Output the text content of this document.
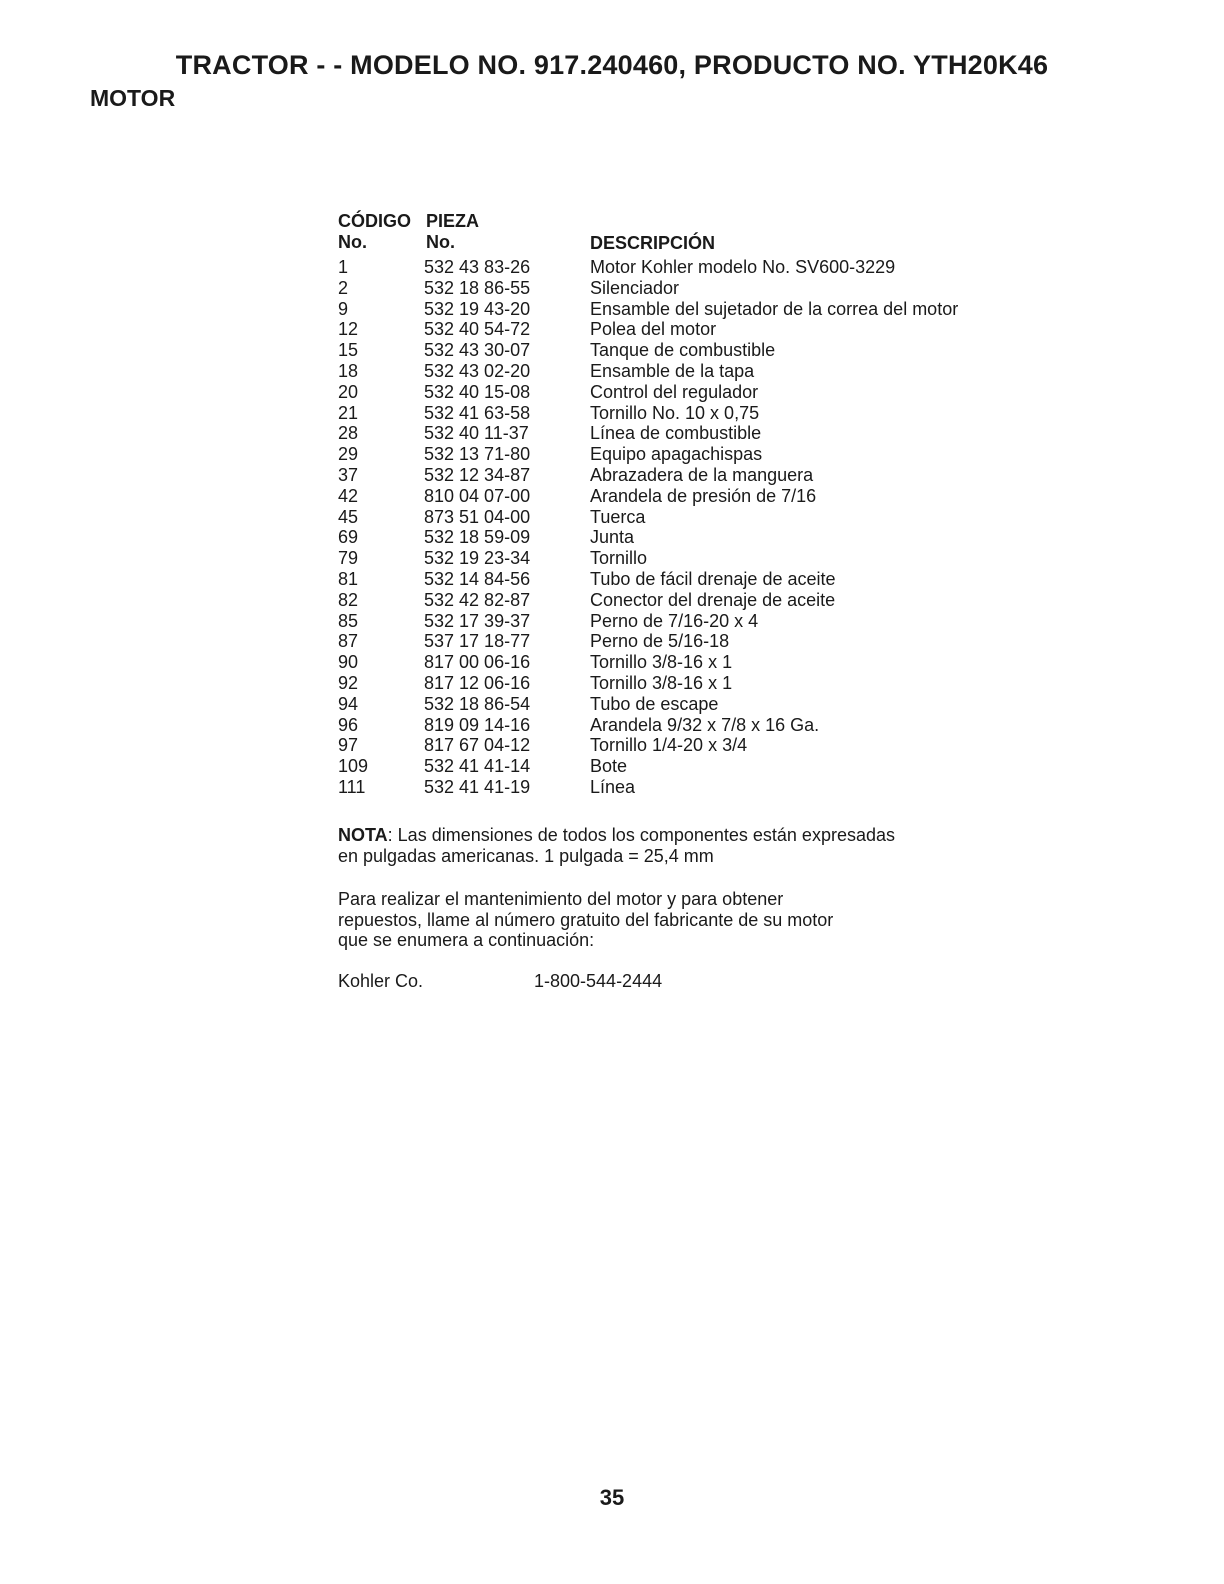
TRACTOR - - MODELO NO. 917.240460, PRODUCTO NO. YTH20K46
MOTOR
CÓDIGO
No.
PIEZA
No.	DESCRIPCIÓN
1	532 43 83-26	Motor Kohler modelo No. SV600-3229
2	532 18 86-55	Silenciador
9	532 19 43-20	Ensamble del sujetador de la correa del motor
12	532 40 54-72	Polea del motor
15	532 43 30-07	Tanque de combustible
18	532 43 02-20	Ensamble de la tapa
20	532 40 15-08	Control del regulador
21	532 41 63-58	Tornillo No. 10 x 0,75
28	532 40 11-37	Línea de combustible
29	532 13 71-80	Equipo apagachispas
37	532 12 34-87	Abrazadera de la manguera
42	810 04 07-00	Arandela de presión de 7/16
45	873 51 04-00	Tuerca
69	532 18 59-09	Junta
79	532 19 23-34	Tornillo
81	532 14 84-56	Tubo de fácil drenaje de aceite
82	532 42 82-87	Conector del drenaje de aceite
85	532 17 39-37	Perno de 7/16-20 x 4
87	537 17 18-77	Perno de 5/16-18
90	817 00 06-16	Tornillo 3/8-16 x 1
92	817 12 06-16	Tornillo 3/8-16 x 1
94	532 18 86-54	Tubo de escape
96	819 09 14-16	Arandela 9/32 x 7/8 x 16 Ga.
97	817 67 04-12	Tornillo 1/4-20 x 3/4
109	532 41 41-14	Bote
111	532 41 41-19	Línea
NOTA: Las dimensiones de todos los componentes están expresadas en pulgadas americanas. 1 pulgada = 25,4 mm
Para realizar el mantenimiento del motor y para obtener repuestos, llame al número gratuito del fabricante de su motor que se enumera a continuación:
Kohler Co.	1-800-544-2444
35
